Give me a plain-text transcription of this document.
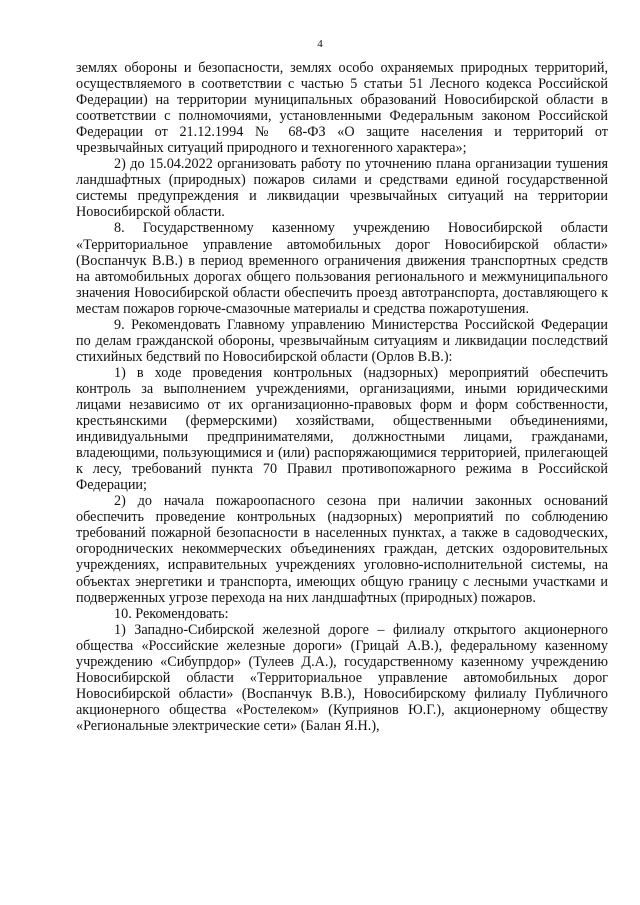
4

землях обороны и безопасности, землях особо охраняемых природных территорий, осуществляемого в соответствии с частью 5 статьи 51 Лесного кодекса Российской Федерации) на территории муниципальных образований Новосибирской области в соответствии с полномочиями, установленными Федеральным законом Российской Федерации от 21.12.1994 № 68-ФЗ «О защите населения и территорий от чрезвычайных ситуаций природного и техногенного характера»;

2) до 15.04.2022 организовать работу по уточнению плана организации тушения ландшафтных (природных) пожаров силами и средствами единой государственной системы предупреждения и ликвидации чрезвычайных ситуаций на территории Новосибирской области.

8. Государственному казенному учреждению Новосибирской области «Территориальное управление автомобильных дорог Новосибирской области» (Воспанчук В.В.) в период временного ограничения движения транспортных средств на автомобильных дорогах общего пользования регионального и межмуниципального значения Новосибирской области обеспечить проезд автотранспорта, доставляющего к местам пожаров горюче-смазочные материалы и средства пожаротушения.

9. Рекомендовать Главному управлению Министерства Российской Федерации по делам гражданской обороны, чрезвычайным ситуациям и ликвидации последствий стихийных бедствий по Новосибирской области (Орлов В.В.):

1) в ходе проведения контрольных (надзорных) мероприятий обеспечить контроль за выполнением учреждениями, организациями, иными юридическими лицами независимо от их организационно-правовых форм и форм собственности, крестьянскими (фермерскими) хозяйствами, общественными объединениями, индивидуальными предпринимателями, должностными лицами, гражданами, владеющими, пользующимися и (или) распоряжающимися территорией, прилегающей к лесу, требований пункта 70 Правил противопожарного режима в Российской Федерации;

2) до начала пожароопасного сезона при наличии законных оснований обеспечить проведение контрольных (надзорных) мероприятий по соблюдению требований пожарной безопасности в населенных пунктах, а также в садоводческих, огороднических некоммерческих объединениях граждан, детских оздоровительных учреждениях, исправительных учреждениях уголовно-исполнительной системы, на объектах энергетики и транспорта, имеющих общую границу с лесными участками и подверженных угрозе перехода на них ландшафтных (природных) пожаров.

10. Рекомендовать:

1) Западно-Сибирской железной дороге – филиалу открытого акционерного общества «Российские железные дороги» (Грицай А.В.), федеральному казенному учреждению «Сибупрдор» (Тулеев Д.А.), государственному казенному учреждению Новосибирской области «Территориальное управление автомобильных дорог Новосибирской области» (Воспанчук В.В.), Новосибирскому филиалу Публичного акционерного общества «Ростелеком» (Куприянов Ю.Г.), акционерному обществу «Региональные электрические сети» (Балан Я.Н.),
